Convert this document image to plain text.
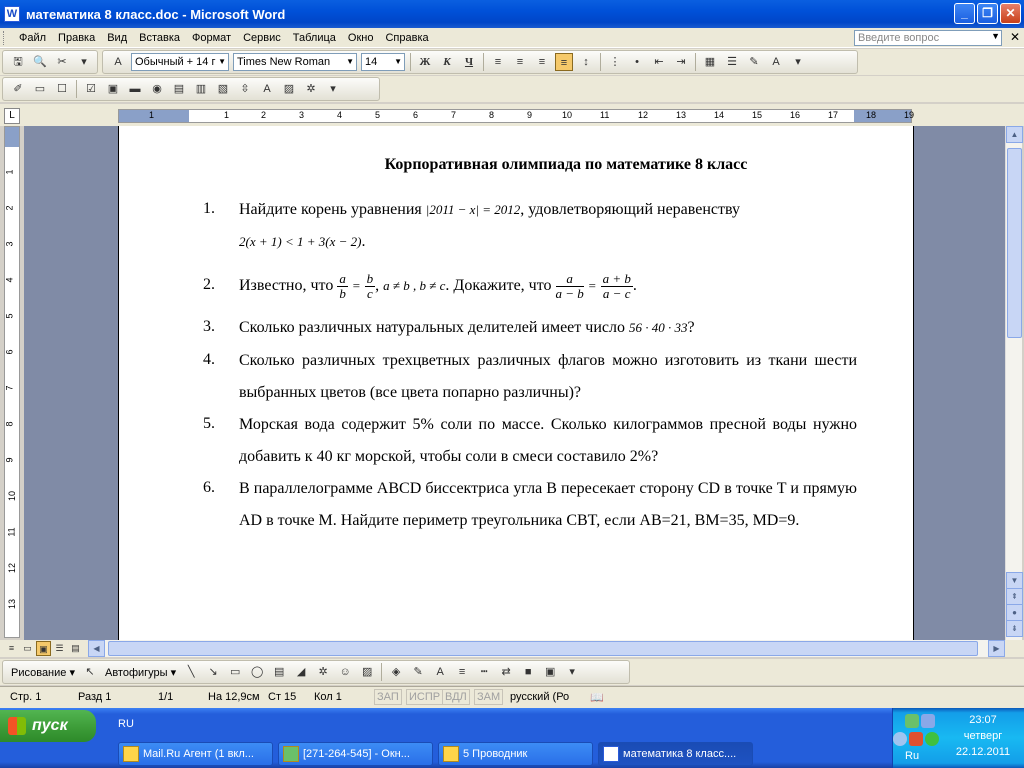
W математика 8 класс.doc - Microsoft Word	_	❐	✕
Файл	Правка	Вид	Вставка	Формат	Сервис	Таблица	Окно	Справка	Введите вопрос	▼ ✕
🖫 🔍 ✂	▾	A	Обычный + 14 г ▼	Times New Roman ▼	14 ▼	Ж	К	Ч	≡	≡	≡	≡	↕	⋮	•	⇤	⇥	▦	☰	✎	A	▾
✐	▭	☐	☑	▣	▬	◉	▤	▥	▧	⇳	A	▨	✲	▾
L	1	1	2	3	4	5	6	7	8	9	10	11	12	13	14	15	16	17	18	19
1
2
3
4
5
6
7
8
9
10
11
12
13
Корпоративная олимпиада по математике 8 класс
1. Найдите корень уравнения |2011 − x| = 2012, удовлетворяющий неравенству
2(x + 1) < 1 + 3(x − 2).
2. Известно, что $\frac{a}{b} = \frac{b}{c}$ , a ≠ b , b ≠ c. Докажите, что $\frac{a}{a - b} = \frac{a + b}{a - c}$ .
3. Сколько различных натуральных делителей имеет число 56 · 40 · 33?
4. Сколько различных трехцветных различных флагов можно изготовить из ткани шести выбранных цветов (все цвета попарно различны)?
5. Морская вода содержит 5% соли по массе. Сколько килограммов пресной воды нужно добавить к 40 кг морской, чтобы соли в смеси составило 2%?
6. В параллелограмме ABCD биссектриса угла B пересекает сторону CD в точке T и прямую AD в точке M. Найдите периметр треугольника CBT, если AB=21, BM=35, MD=9.
▲
▼
⇞
●
⇟
≡	▭ ▣ ☰ ▤	◀	▶
Рисование ▾ ↖ Автофигуры ▾	╲	↘	▭ ◯ ▤	◢	✲	☺	▨	◈	✎	A	≡	┅	⇄	■	▣	▾
Стр. 1	Разд 1	1/1	На 12,9см Ст 15 Кол 1	ЗАП ИСПР ВДЛ ЗАМ русский (Ро 📖
пуск	RU
Mail.Ru Агент (1 вкл...	[271-264-545] - Окн...	5 Проводник	математика 8 класс....	Ru
23:07
четверг
22.12.2011
